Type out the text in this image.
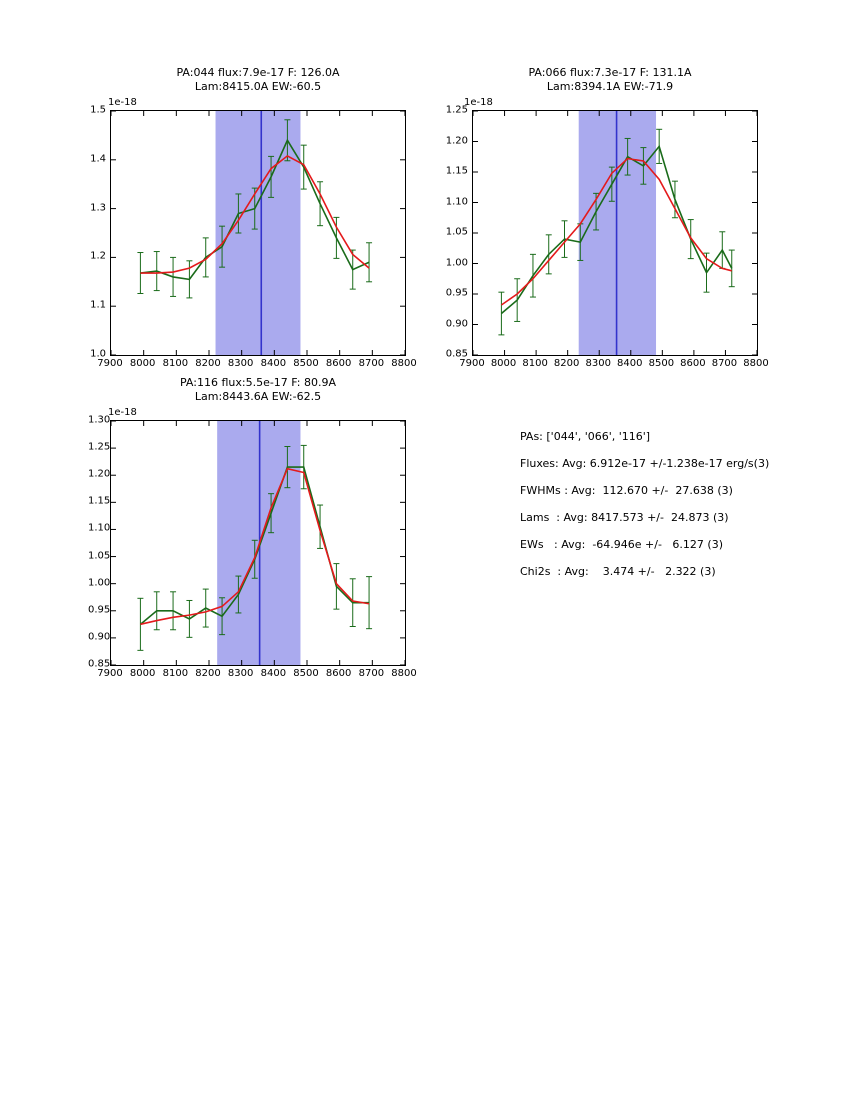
PA:044 flux:7.9e-17 F: 126.0A
Lam:8415.0A EW:-60.5
1e-18
1.0
1.1
1.2
1.3
1.4
1.5
7900 8000 8100 8200 8300 8400 8500 8600 8700 8800
PA:066 flux:7.3e-17 F: 131.1A
Lam:8394.1A EW:-71.9
1e-18
0.85
0.90
0.95
1.00
1.05
1.10
1.15
1.20
1.25
7900 8000 8100 8200 8300 8400 8500 8600 8700 8800
PA:116 flux:5.5e-17 F: 80.9A
Lam:8443.6A EW:-62.5
1e-18
0.85
0.90
0.95
1.00
1.05
1.10
1.15
1.20
1.25
1.30
7900 8000 8100 8200 8300 8400 8500 8600 8700 8800
PAs: ['044', '066', '116']
Fluxes: Avg: 6.912e-17 +/-1.238e-17 erg/s(3)
FWHMs : Avg:  112.670 +/-  27.638 (3)
Lams  : Avg: 8417.573 +/-  24.873 (3)
EWs   : Avg:  -64.946e +/-   6.127 (3)
Chi2s  : Avg:    3.474 +/-   2.322 (3)
